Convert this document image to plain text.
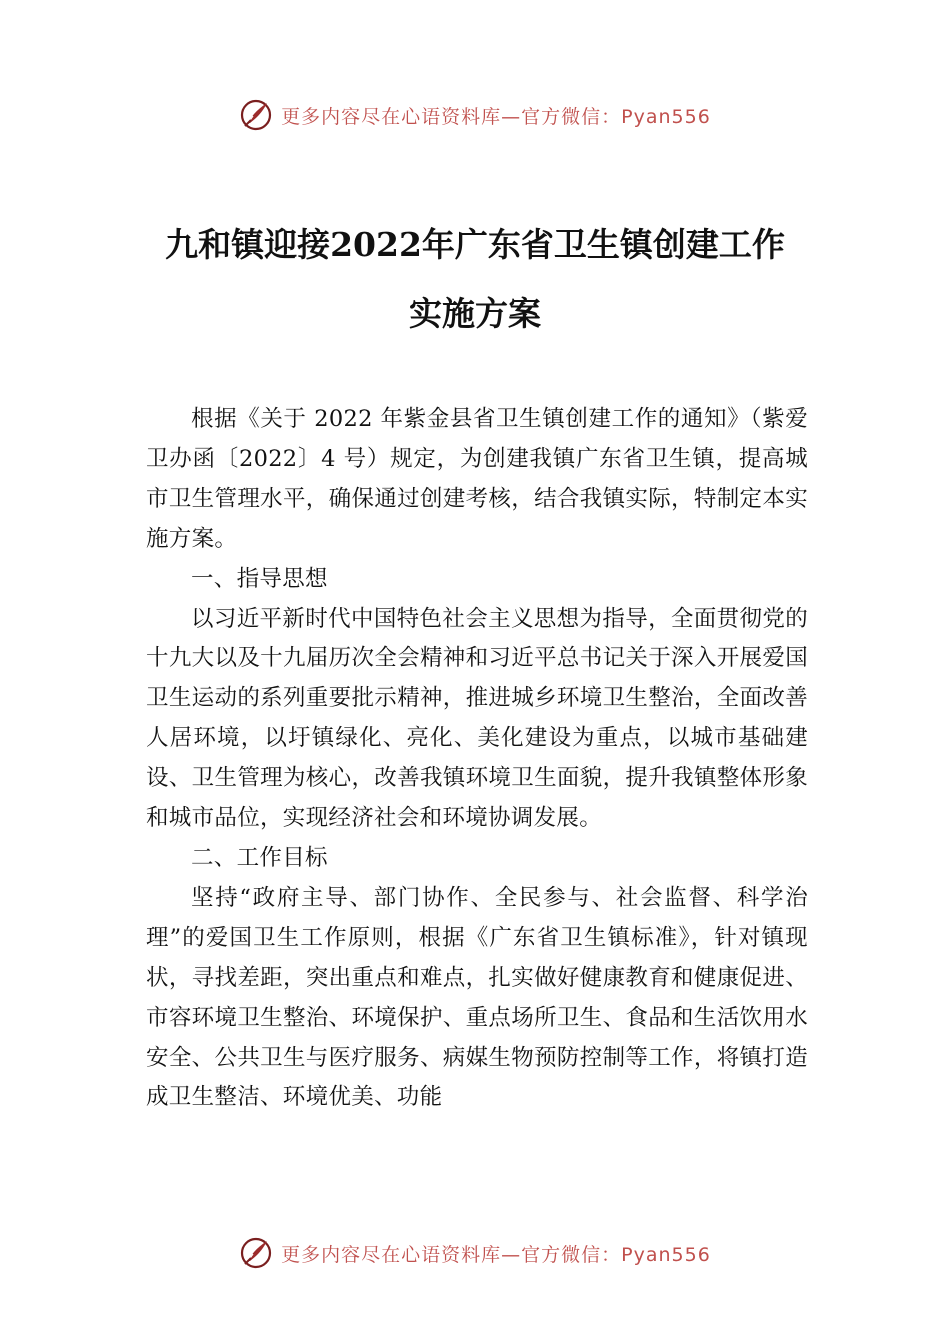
更多内容尽在心语资料库—官方微信：Pyan556
九和镇迎接2022年广东省卫生镇创建工作
实施方案

根据《关于 2022 年紫金县省卫生镇创建工作的通知》（紫爱卫办函〔2022〕4 号）规定，为创建我镇广东省卫生镇，提高城市卫生管理水平，确保通过创建考核，结合我镇实际，特制定本实施方案。

一、指导思想

以习近平新时代中国特色社会主义思想为指导，全面贯彻党的十九大以及十九届历次全会精神和习近平总书记关于深入开展爱国卫生运动的系列重要批示精神，推进城乡环境卫生整治，全面改善人居环境，以圩镇绿化、亮化、美化建设为重点，以城市基础建设、卫生管理为核心，改善我镇环境卫生面貌，提升我镇整体形象和城市品位，实现经济社会和环境协调发展。

二、工作目标

坚持“政府主导、部门协作、全民参与、社会监督、科学治理”的爱国卫生工作原则，根据《广东省卫生镇标准》，针对镇现状，寻找差距，突出重点和难点，扎实做好健康教育和健康促进、市容环境卫生整治、环境保护、重点场所卫生、食品和生活饮用水安全、公共卫生与医疗服务、病媒生物预防控制等工作，将镇打造成卫生整洁、环境优美、功能

更多内容尽在心语资料库—官方微信：Pyan556
